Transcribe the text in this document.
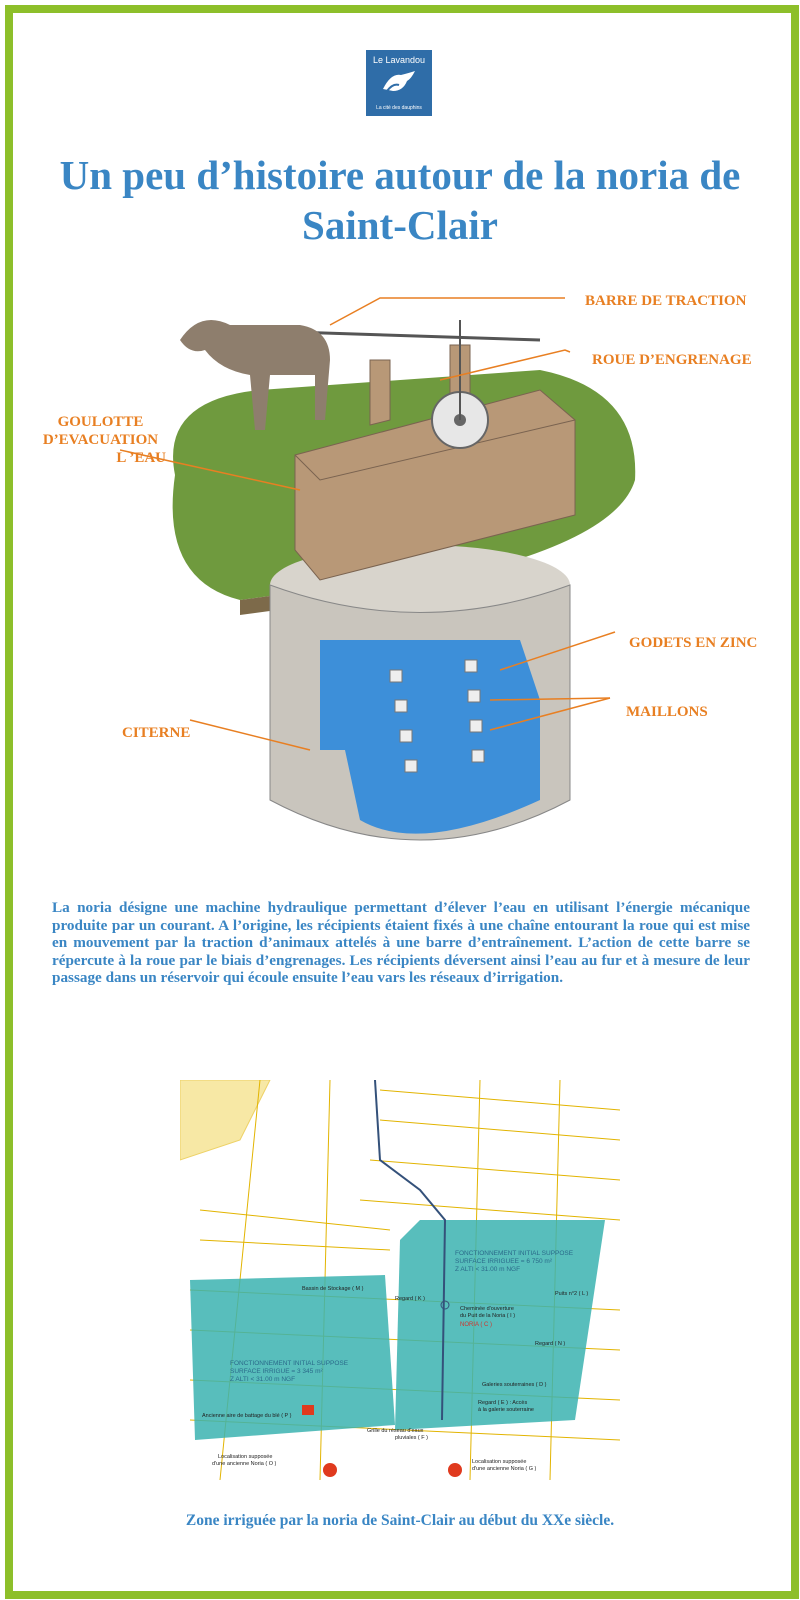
Le Lavandou
La cité des dauphins
Un peu d’histoire autour de la noria de Saint-Clair
BARRE DE TRACTION
ROUE D’ENGRENAGE
GOULOTTE
D’EVACUATION
L ’EAU
GODETS EN ZINC
MAILLONS
CITERNE
La noria désigne une machine hydraulique permettant d’élever l’eau en utilisant l’énergie mécanique produite par un courant. A l’origine, les récipients étaient fixés à une chaîne entourant la roue qui est mise en mouvement par la traction d’animaux attelés à une barre d’entraînement. L’action de cette barre se répercute à la roue par le biais d’engrenages. Les récipients déversent ainsi l’eau au fur et à mesure de leur passage dans un réservoir qui écoule ensuite l’eau vars les réseaux d’irrigation.
FONCTIONNEMENT INITIAL SUPPOSE
SURFACE IRRIGUEE = 6 750 m²
Z ALTI < 31.00 m NGF
FONCTIONNEMENT INITIAL SUPPOSE
SURFACE IRRIGUE = 3 345 m²
Z ALTI < 31.00 m NGF
Bassin de Stockage ( M )
Regard ( K )
Puits n°2 ( L )
Cheminée d'ouverture
du Puit de la Noria ( I )
Regard ( N )
Galeries souterraines ( D )
Regard ( E ) : Accès
à la galerie souterraine
Ancienne aire de battage du blé ( P )
Grille du réseau d'eaux
pluviales ( F )
Localisation supposée
d'une ancienne Noria ( O )	Localisation supposée
d'une ancienne Noria ( G )
NORIA ( C )
Zone irriguée par la noria de Saint-Clair au début du XXe siècle.
